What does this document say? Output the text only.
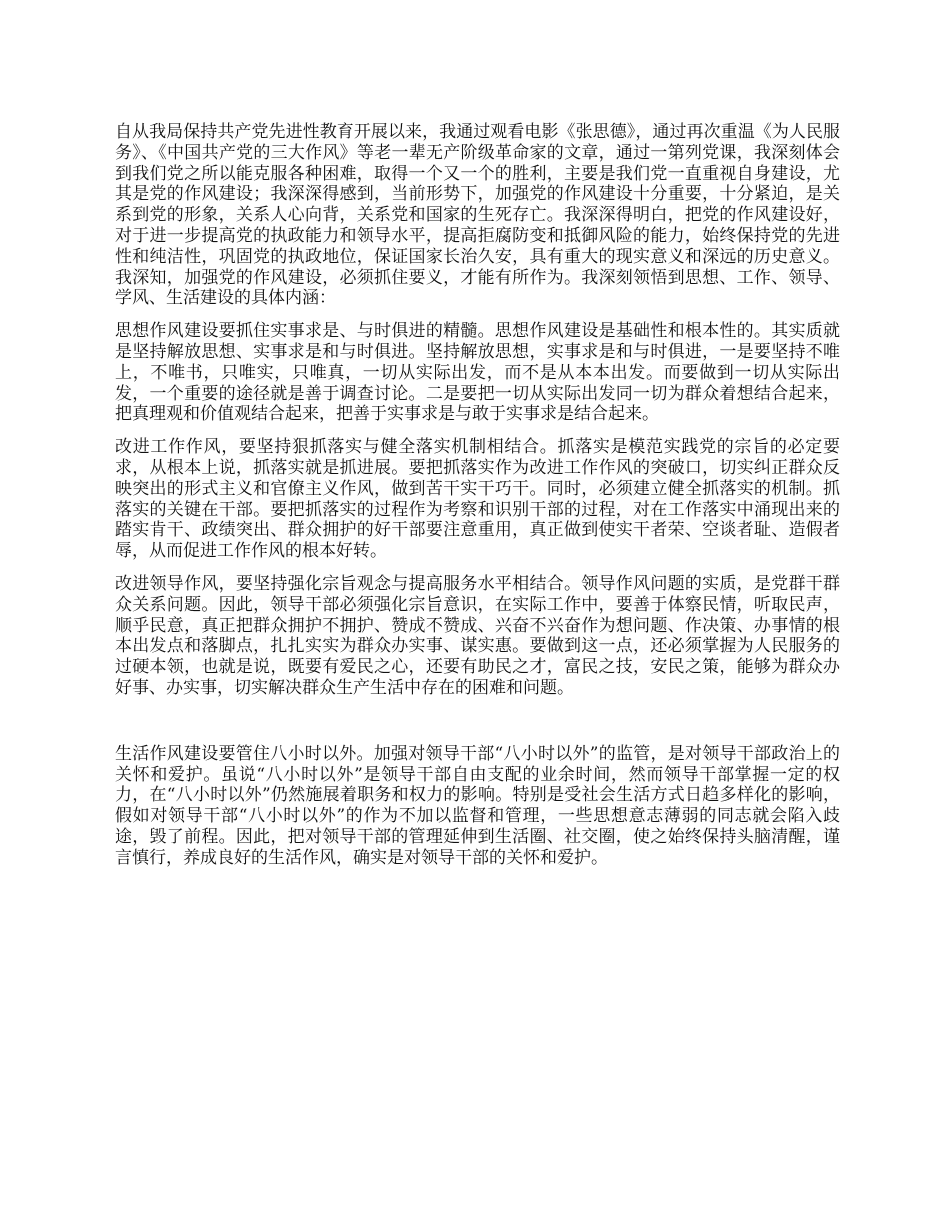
自从我局保持共产党先进性教育开展以来，我通过观看电影《张思德》，通过再次重温《为人民服务》、《中国共产党的三大作风》等老一辈无产阶级革命家的文章，通过一第列党课，我深刻体会到我们党之所以能克服各种困难，取得一个又一个的胜利，主要是我们党一直重视自身建设，尤其是党的作风建设；我深深得感到，当前形势下，加强党的作风建设十分重要，十分紧迫，是关系到党的形象，关系人心向背，关系党和国家的生死存亡。我深深得明白，把党的作风建设好，对于进一步提高党的执政能力和领导水平，提高拒腐防变和抵御风险的能力，始终保持党的先进性和纯洁性，巩固党的执政地位，保证国家长治久安，具有重大的现实意义和深远的历史意义。我深知，加强党的作风建设，必须抓住要义，才能有所作为。我深刻领悟到思想、工作、领导、学风、生活建设的具体内涵：

思想作风建设要抓住实事求是、与时俱进的精髓。思想作风建设是基础性和根本性的。其实质就是坚持解放思想、实事求是和与时俱进。坚持解放思想，实事求是和与时俱进，一是要坚持不唯上，不唯书，只唯实，只唯真，一切从实际出发，而不是从本本出发。而要做到一切从实际出发，一个重要的途径就是善于调查讨论。二是要把一切从实际出发同一切为群众着想结合起来，把真理观和价值观结合起来，把善于实事求是与敢于实事求是结合起来。

改进工作作风，要坚持狠抓落实与健全落实机制相结合。抓落实是模范实践党的宗旨的必定要求，从根本上说，抓落实就是抓进展。要把抓落实作为改进工作作风的突破口，切实纠正群众反映突出的形式主义和官僚主义作风，做到苦干实干巧干。同时，必须建立健全抓落实的机制。抓落实的关键在干部。要把抓落实的过程作为考察和识别干部的过程，对在工作落实中涌现出来的踏实肯干、政绩突出、群众拥护的好干部要注意重用，真正做到使实干者荣、空谈者耻、造假者辱，从而促进工作作风的根本好转。

改进领导作风，要坚持强化宗旨观念与提高服务水平相结合。领导作风问题的实质，是党群干群众关系问题。因此，领导干部必须强化宗旨意识，在实际工作中，要善于体察民情，听取民声，顺乎民意，真正把群众拥护不拥护、赞成不赞成、兴奋不兴奋作为想问题、作决策、办事情的根本出发点和落脚点，扎扎实实为群众办实事、谋实惠。要做到这一点，还必须掌握为人民服务的过硬本领，也就是说，既要有爱民之心，还要有助民之才，富民之技，安民之策，能够为群众办好事、办实事，切实解决群众生产生活中存在的困难和问题。

生活作风建设要管住八小时以外。加强对领导干部“八小时以外”的监管，是对领导干部政治上的关怀和爱护。虽说“八小时以外”是领导干部自由支配的业余时间，然而领导干部掌握一定的权力，在“八小时以外”仍然施展着职务和权力的影响。特别是受社会生活方式日趋多样化的影响，假如对领导干部“八小时以外”的作为不加以监督和管理，一些思想意志薄弱的同志就会陷入歧途，毁了前程。因此，把对领导干部的管理延伸到生活圈、社交圈，使之始终保持头脑清醒，谨言慎行，养成良好的生活作风，确实是对领导干部的关怀和爱护。
